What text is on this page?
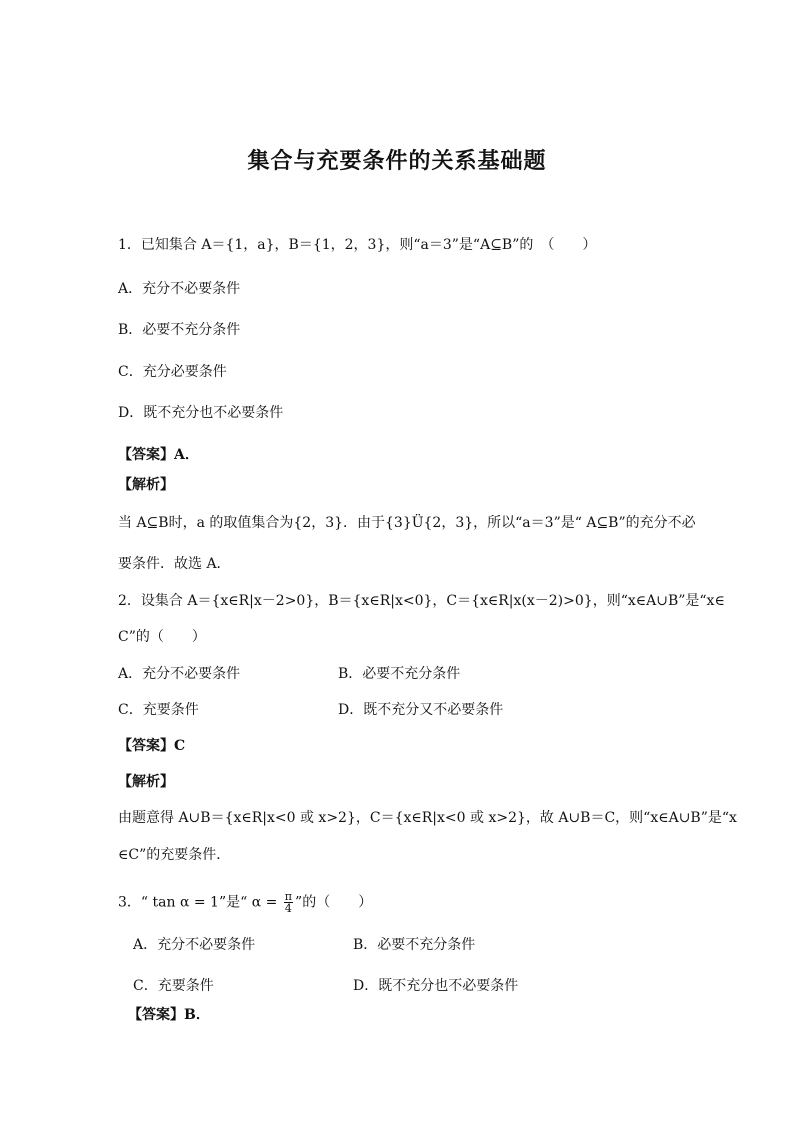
集合与充要条件的关系基础题
1．已知集合 A＝{1，a}，B＝{1，2，3}，则“a＝3”是“A⊆B”的　（　　）
A．充分不必要条件
B．必要不充分条件
C．充分必要条件
D．既不充分也不必要条件
【答案】A．
【解析】
当 A⊆B时，a 的取值集合为{2，3}．由于{3}Ü{2，3}，所以“a＝3”是“ A⊆B”的充分不必
要条件．故选 A．
2．设集合 A＝{x∈R|x－2>0}，B＝{x∈R|x<0}，C＝{x∈R|x(x－2)>0}，则“x∈A∪B”是“x∈
C”的（　　）
A．充分不必要条件	B．必要不充分条件
C．充要条件	D．既不充分又不必要条件
【答案】C
【解析】
由题意得 A∪B＝{x∈R|x<0 或 x>2}，C＝{x∈R|x<0 或 x>2}，故 A∪B＝C，则“x∈A∪B”是“x
∈C”的充要条件．
3．“ tan α = 1”是“ $\alpha = \frac{\pi}{4}$ ”的（　　）
A．充分不必要条件	B．必要不充分条件
C．充要条件	D．既不充分也不必要条件
【答案】B．
